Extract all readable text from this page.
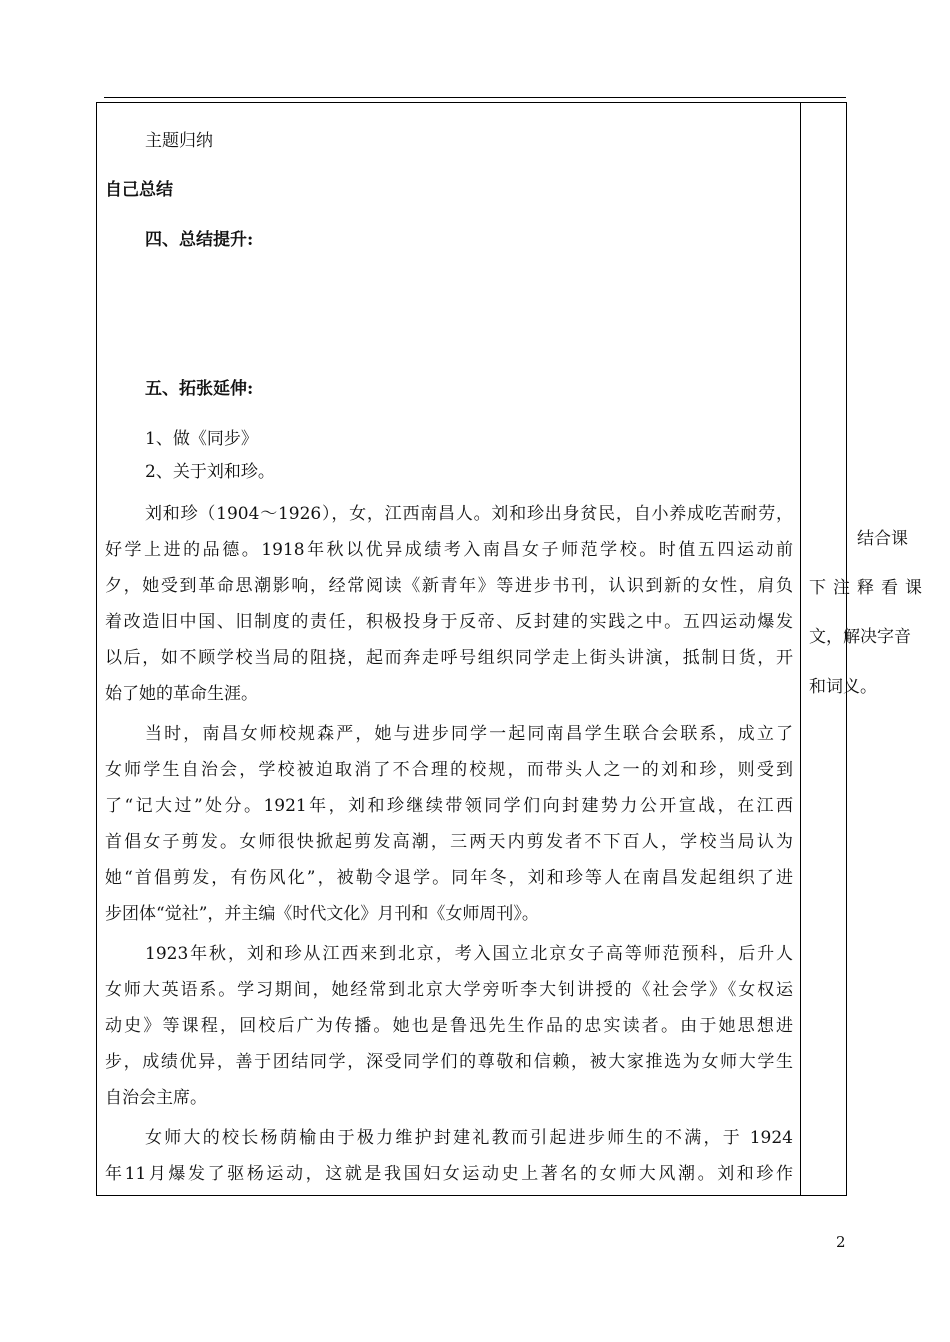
主题归纳
自己总结
四、总结提升:
五、拓张延伸:
1、做《同步》
2、关于刘和珍。
刘和珍（1904～1926），女，江西南昌人。刘和珍出身贫民，自小养成吃苦耐劳，
好学上进的品德。1918年秋以优异成绩考入南昌女子师范学校。时值五四运动前
夕，她受到革命思潮影响，经常阅读《新青年》等进步书刊，认识到新的女性，肩负
着改造旧中国、旧制度的责任，积极投身于反帝、反封建的实践之中。五四运动爆发
以后，如不顾学校当局的阻挠，起而奔走呼号组织同学走上街头讲演，抵制日货，开
始了她的革命生涯。
当时，南昌女师校规森严，她与进步同学一起同南昌学生联合会联系，成立了
女师学生自治会，学校被迫取消了不合理的校规，而带头人之一的刘和珍，则受到
了“记大过”处分。1921年，刘和珍继续带领同学们向封建势力公开宣战，在江西
首倡女子剪发。女师很快掀起剪发高潮，三两天内剪发者不下百人，学校当局认为
她“首倡剪发，有伤风化”，被勒令退学。同年冬，刘和珍等人在南昌发起组织了进
步团体“觉社”，并主编《时代文化》月刊和《女师周刊》。
1923年秋，刘和珍从江西来到北京，考入国立北京女子高等师范预科，后升人
女师大英语系。学习期间，她经常到北京大学旁听李大钊讲授的《社会学》《女权运
动史》等课程，回校后广为传播。她也是鲁迅先生作品的忠实读者。由于她思想进
步，成绩优异，善于团结同学，深受同学们的尊敬和信赖，被大家推选为女师大学生
自治会主席。
女师大的校长杨荫榆由于极力维护封建礼教而引起进步师生的不满，于 1924
年11月爆发了驱杨运动，这就是我国妇女运动史上著名的女师大风潮。刘和珍作
结合课
下注释看课
文，解决字音
和词义。
2
